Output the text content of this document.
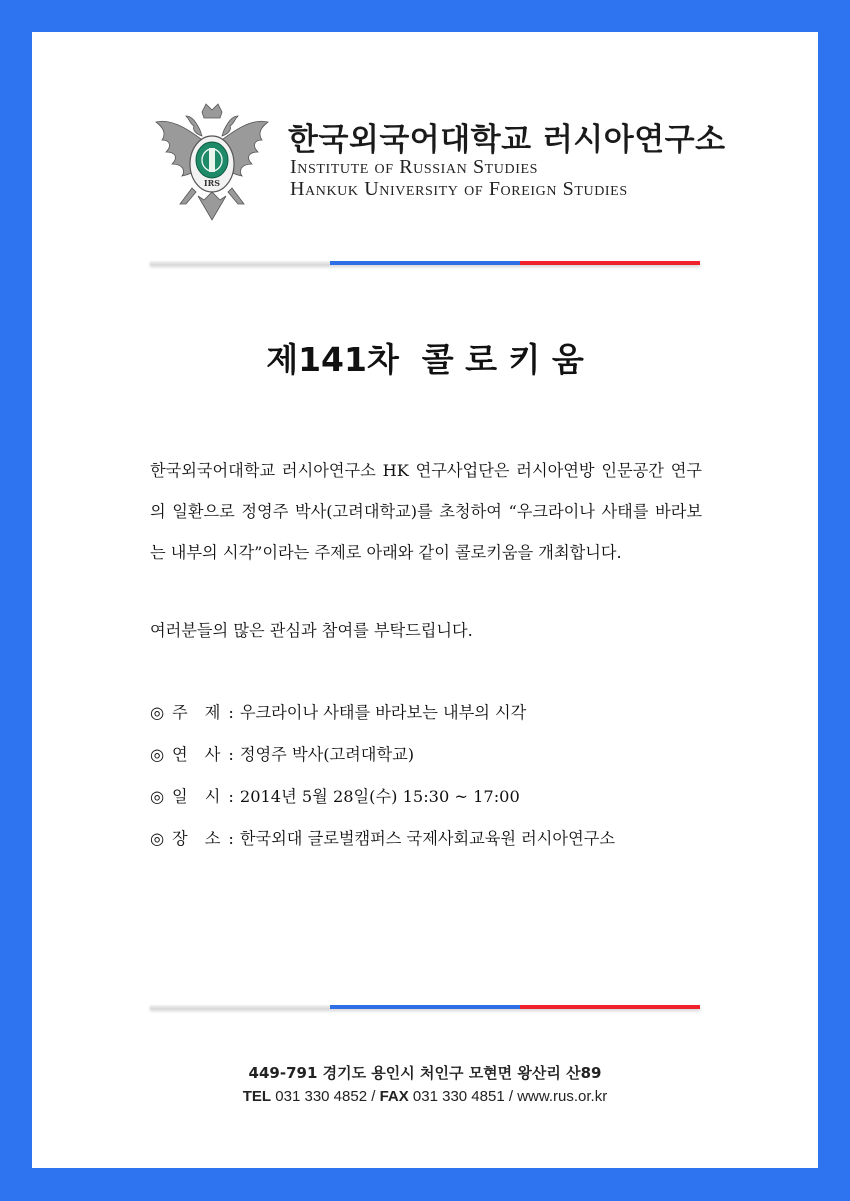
IRS
한국외국어대학교 러시아연구소
Institute of Russian Studies
Hankuk University of Foreign Studies
제141차  콜 로 키 움
한국외국어대학교 러시아연구소 HK 연구사업단은 러시아연방 인문공간 연구의 일환으로 정영주 박사(고려대학교)를 초청하여 “우크라이나 사태를 바라보는 내부의 시각”이라는 주제로 아래와 같이 콜로키움을 개최합니다.
여러분들의 많은 관심과 참여를 부탁드립니다.
◎ 주 제 : 우크라이나 사태를 바라보는 내부의 시각
◎ 연 사 : 정영주 박사(고려대학교)
◎ 일 시 : 2014년 5월 28일(수) 15:30 ~ 17:00
◎ 장 소 : 한국외대 글로벌캠퍼스 국제사회교육원 러시아연구소
449-791 경기도 용인시 처인구 모현면 왕산리 산89
TEL 031 330 4852 / FAX 031 330 4851 / www.rus.or.kr
